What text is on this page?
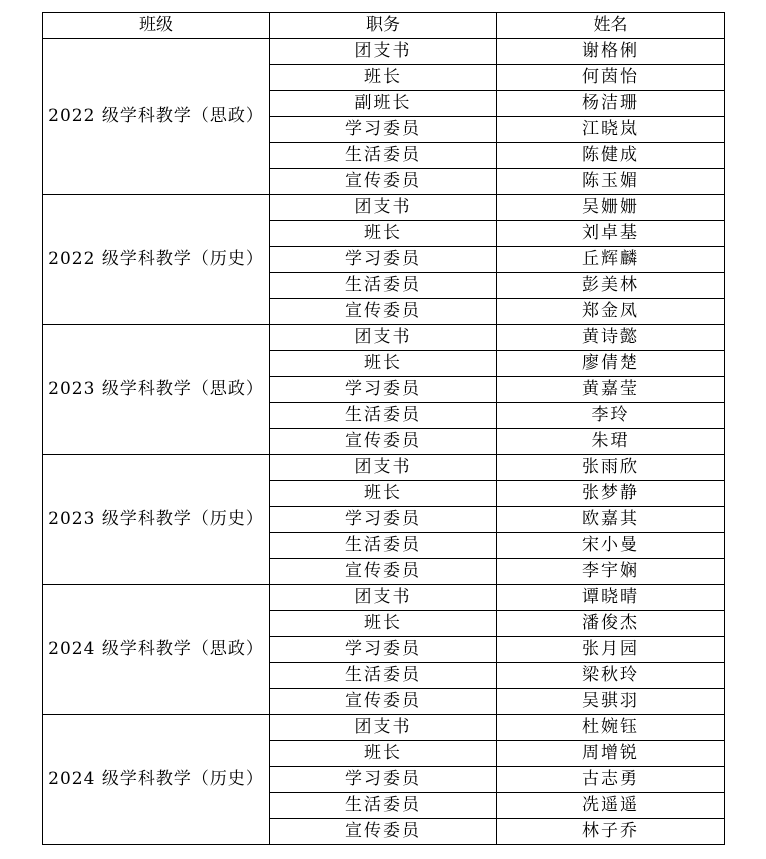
班级	职务	姓名
2022 级学科教学（思政）	团支书	谢格俐
	班长	何茵怡
	副班长	杨洁珊
	学习委员	江晓岚
	生活委员	陈健成
	宣传委员	陈玉媚
2022 级学科教学（历史）	团支书	吴姗姗
	班长	刘卓基
	学习委员	丘辉麟
	生活委员	彭美林
	宣传委员	郑金凤
2023 级学科教学（思政）	团支书	黄诗懿
	班长	廖倩楚
	学习委员	黄嘉莹
	生活委员	李玲
	宣传委员	朱珺
2023 级学科教学（历史）	团支书	张雨欣
	班长	张梦静
	学习委员	欧嘉其
	生活委员	宋小曼
	宣传委员	李宇娴
2024 级学科教学（思政）	团支书	谭晓晴
	班长	潘俊杰
	学习委员	张月园
	生活委员	梁秋玲
	宣传委员	吴骐羽
2024 级学科教学（历史）	团支书	杜婉钰
	班长	周增锐
	学习委员	古志勇
	生活委员	冼遥遥
	宣传委员	林子乔
